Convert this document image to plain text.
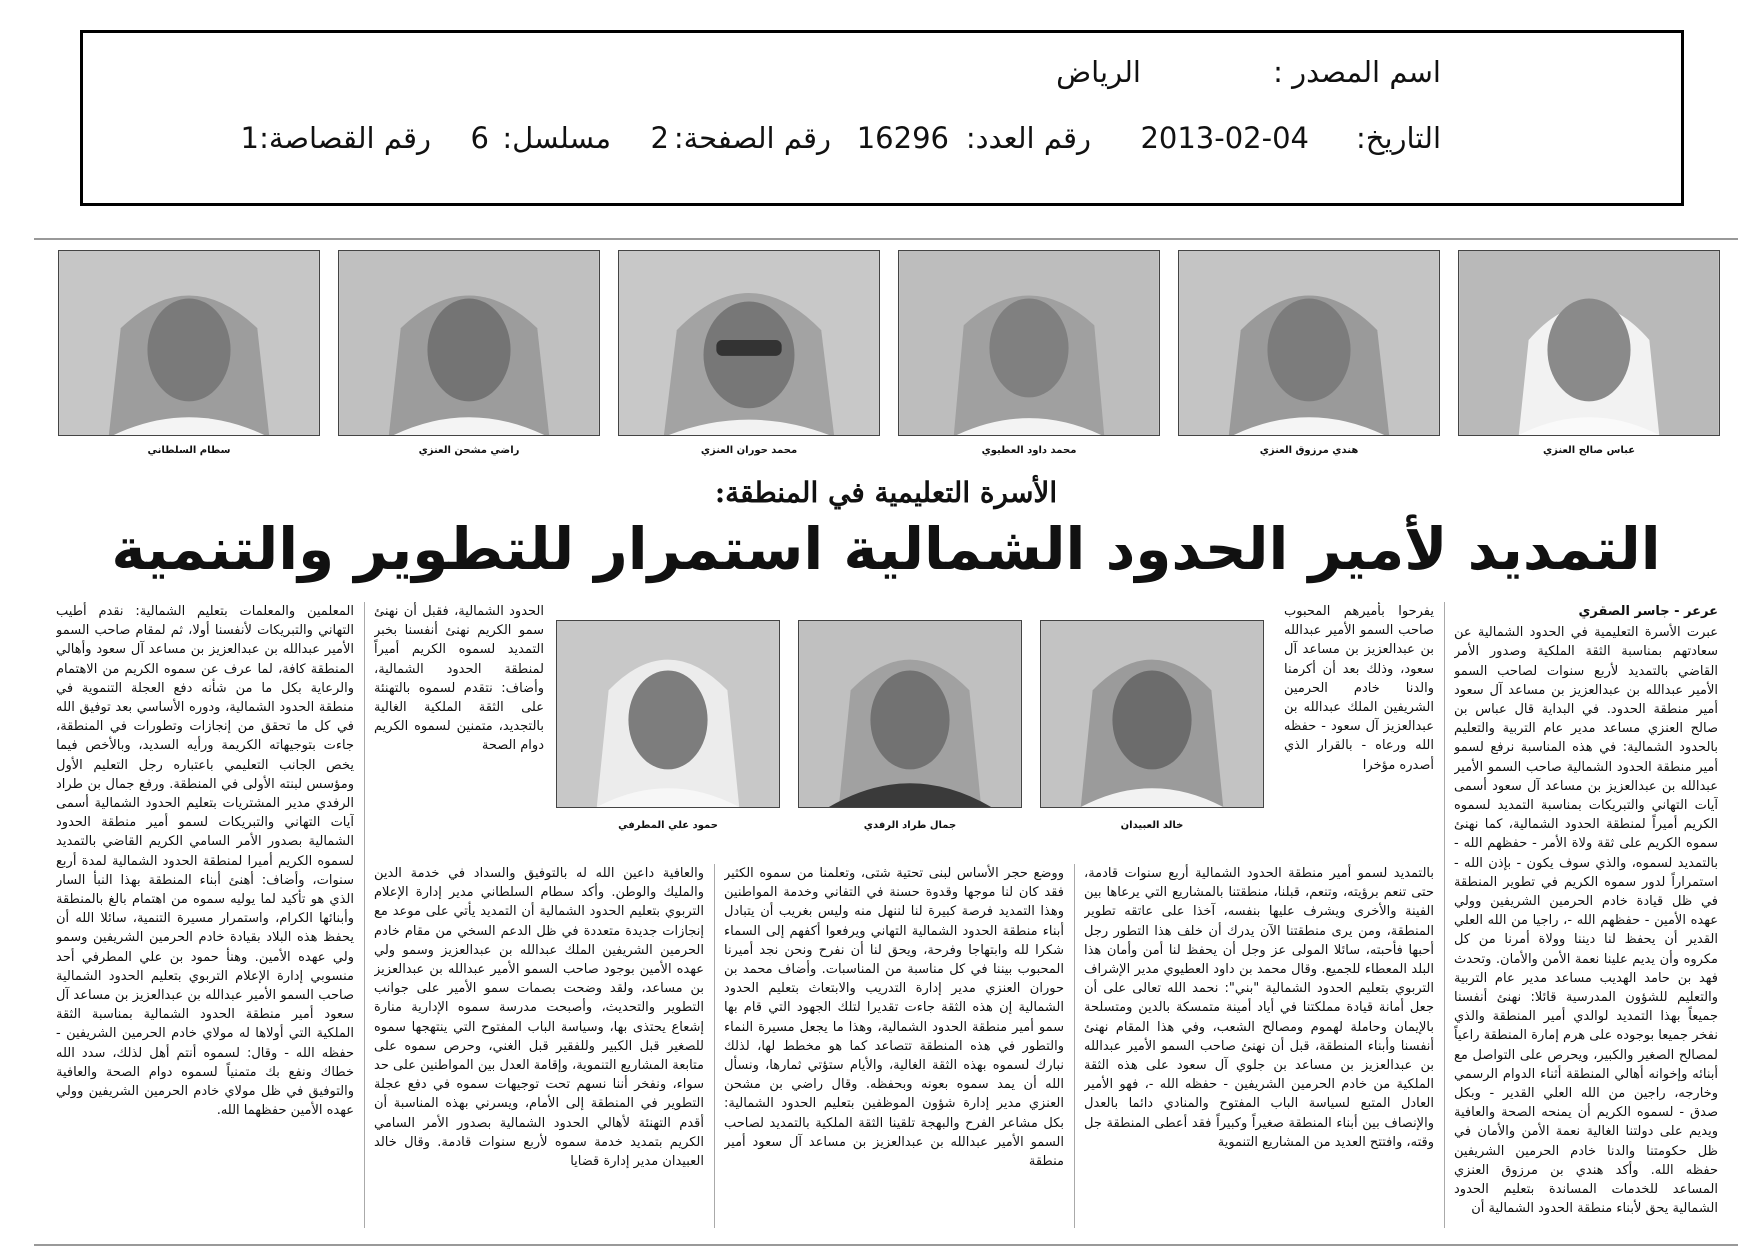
اسم المصدر :
الرياض
التاريخ:
2013-02-04
رقم العدد:
16296
رقم الصفحة:
2
مسلسل:
6
رقم القصاصة:
1
عباس صالح العنزي
هندي مرزوق العنزي
محمد داود العطيوي
محمد حوران العنزي
راضي مشحن العنزي
سطام السلطاني
الأسرة التعليمية في المنطقة:
التمديد لأمير الحدود الشمالية استمرار للتطوير والتنمية

عرعر - جاسر الصقري

عبرت الأسرة التعليمية في الحدود الشمالية عن سعادتهم بمناسبة الثقة الملكية وصدور الأمر القاضي بالتمديد لأربع سنوات لصاحب السمو الأمير عبدالله بن عبدالعزيز بن مساعد آل سعود أمير منطقة الحدود. في البداية قال عباس بن صالح العنزي مساعد مدير عام التربية والتعليم بالحدود الشمالية: في هذه المناسبة نرفع لسمو أمير منطقة الحدود الشمالية صاحب السمو الأمير عبدالله بن عبدالعزيز بن مساعد آل سعود أسمى آيات التهاني والتبريكات بمناسبة التمديد لسموه الكريم أميراً لمنطقة الحدود الشمالية، كما نهنئ سموه الكريم على ثقة ولاة الأمر - حفظهم الله - بالتمديد لسموه، والذي سوف يكون - بإذن الله - استمراراً لدور سموه الكريم في تطوير المنطقة في ظل قيادة خادم الحرمين الشريفين وولي عهده الأمين - حفظهم الله -، راجيا من الله العلي القدير أن يحفظ لنا ديننا وولاة أمرنا من كل مكروه وأن يديم علينا نعمة الأمن والأمان. وتحدث فهد بن حامد الهديب مساعد مدير عام التربية والتعليم للشؤون المدرسية قائلا: نهنئ أنفسنا جميعاً بهذا التمديد لوالدي أمير المنطقة والذي نفخر جميعا بوجوده على هرم إمارة المنطقة راعياً لمصالح الصغير والكبير، ويحرص على التواصل مع أبنائه وإخوانه أهالي المنطقة أثناء الدوام الرسمي وخارجه، راجين من الله العلي القدير - وبكل صدق - لسموه الكريم أن يمنحه الصحة والعافية ويديم على دولتنا الغالية نعمة الأمن والأمان في ظل حكومتنا والدنا خادم الحرمين الشريفين حفظه الله. وأكد هندي بن مرزوق العنزي المساعد للخدمات المساندة بتعليم الحدود الشمالية يحق لأبناء منطقة الحدود الشمالية أن

يفرحوا بأميرهم المحبوب صاحب السمو الأمير عبدالله بن عبدالعزيز بن مساعد آل سعود، وذلك بعد أن أكرمنا والدنا خادم الحرمين الشريفين الملك عبدالله بن عبدالعزيز آل سعود - حفظه الله ورعاه - بالقرار الذي أصدره مؤخرا

خالد العبيدان
جمال طراد الرفدي
حمود علي المطرفي

بالتمديد لسمو أمير منطقة الحدود الشمالية أربع سنوات قادمة، حتى تنعم برؤيته، وتنعم، قبلنا، منطقتنا بالمشاريع التي يرعاها بين الفينة والأخرى ويشرف عليها بنفسه، آخذا على عاتقه تطوير المنطقة، ومن يرى منطقتنا الآن يدرك أن خلف هذا التطور رجل أحبها فأحبته، سائلا المولى عز وجل أن يحفظ لنا أمن وأمان هذا البلد المعطاء للجميع. وقال محمد بن داود العطيوي مدير الإشراف التربوي بتعليم الحدود الشمالية "بني": نحمد الله تعالى على أن جعل أمانة قيادة مملكتنا في أياد أمينة متمسكة بالدين ومتسلحة بالإيمان وحاملة لهموم ومصالح الشعب، وفي هذا المقام نهنئ أنفسنا وأبناء المنطقة، قبل أن نهنئ صاحب السمو الأمير عبدالله بن عبدالعزيز بن مساعد بن جلوي آل سعود على هذه الثقة الملكية من خادم الحرمين الشريفين - حفظه الله -، فهو الأمير العادل المتبع لسياسة الباب المفتوح والمنادي دائما بالعدل والإنصاف بين أبناء المنطقة صغيراً وكبيراً فقد أعطى المنطقة جل وقته، وافتتح العديد من المشاريع التنموية

ووضع حجر الأساس لبنى تحتية شتى، وتعلمنا من سموه الكثير فقد كان لنا موجها وقدوة حسنة في التفاني وخدمة المواطنين وهذا التمديد فرصة كبيرة لنا لننهل منه وليس بغريب أن يتبادل أبناء منطقة الحدود الشمالية التهاني ويرفعوا أكفهم إلى السماء شكرا لله وابتهاجا وفرحة، ويحق لنا أن نفرح ونحن نجد أميرنا المحبوب بيننا في كل مناسبة من المناسبات. وأضاف محمد بن حوران العنزي مدير إدارة التدريب والابتعاث بتعليم الحدود الشمالية إن هذه الثقة جاءت تقديرا لتلك الجهود التي قام بها سمو أمير منطقة الحدود الشمالية، وهذا ما يجعل مسيرة النماء والتطور في هذه المنطقة تتصاعد كما هو مخطط لها، لذلك نبارك لسموه بهذه الثقة الغالية، والأيام ستؤتي ثمارها، ونسأل الله أن يمد سموه بعونه وبحفظه. وقال راضي بن مشحن العنزي مدير إدارة شؤون الموظفين بتعليم الحدود الشمالية: بكل مشاعر الفرح والبهجة تلقينا الثقة الملكية بالتمديد لصاحب السمو الأمير عبدالله بن عبدالعزيز بن مساعد آل سعود أمير منطقة

والعافية داعين الله له بالتوفيق والسداد في خدمة الدين والمليك والوطن. وأكد سطام السلطاني مدير إدارة الإعلام التربوي بتعليم الحدود الشمالية أن التمديد يأتي على موعد مع إنجازات جديدة متعددة في ظل الدعم السخي من مقام خادم الحرمين الشريفين الملك عبدالله بن عبدالعزيز وسمو ولي عهده الأمين بوجود صاحب السمو الأمير عبدالله بن عبدالعزيز بن مساعد، ولقد وضحت بصمات سمو الأمير على جوانب التطوير والتحديث، وأصبحت مدرسة سموه الإدارية منارة إشعاع يحتذى بها، وسياسة الباب المفتوح التي ينتهجها سموه للصغير قبل الكبير وللفقير قبل الغني، وحرص سموه على متابعة المشاريع التنموية، وإقامة العدل بين المواطنين على حد سواء، ونفخر أننا نسهم تحت توجيهات سموه في دفع عجلة التطوير في المنطقة إلى الأمام، ويسرني بهذه المناسبة أن أقدم التهنئة لأهالي الحدود الشمالية بصدور الأمر السامي الكريم بتمديد خدمة سموه لأربع سنوات قادمة. وقال خالد العبيدان مدير إدارة قضايا

الحدود الشمالية، فقبل أن نهنئ سمو الكريم نهنئ أنفسنا بخبر التمديد لسموه الكريم أميراً لمنطقة الحدود الشمالية، وأضاف: نتقدم لسموه بالتهنئة على الثقة الملكية الغالية بالتجديد، متمنين لسموه الكريم دوام الصحة

المعلمين والمعلمات بتعليم الشمالية: نقدم أطيب التهاني والتبريكات لأنفسنا أولا، ثم لمقام صاحب السمو الأمير عبدالله بن عبدالعزيز بن مساعد آل سعود وأهالي المنطقة كافة، لما عرف عن سموه الكريم من الاهتمام والرعاية بكل ما من شأنه دفع العجلة التنموية في منطقة الحدود الشمالية، ودوره الأساسي بعد توفيق الله في كل ما تحقق من إنجازات وتطورات في المنطقة، جاءت بتوجيهاته الكريمة ورأيه السديد، وبالأخص فيما يخص الجانب التعليمي باعتباره رجل التعليم الأول ومؤسس لبنته الأولى في المنطقة. ورفع جمال بن طراد الرفدي مدير المشتريات بتعليم الحدود الشمالية أسمى آيات التهاني والتبريكات لسمو أمير منطقة الحدود الشمالية بصدور الأمر السامي الكريم القاضي بالتمديد لسموه الكريم أميرا لمنطقة الحدود الشمالية لمدة أربع سنوات، وأضاف: أهنئ أبناء المنطقة بهذا النبأ السار الذي هو تأكيد لما يوليه سموه من اهتمام بالغ بالمنطقة وأبنائها الكرام، واستمرار مسيرة التنمية، سائلا الله أن يحفظ هذه البلاد بقيادة خادم الحرمين الشريفين وسمو ولي عهده الأمين. وهنأ حمود بن علي المطرفي أحد منسوبي إدارة الإعلام التربوي بتعليم الحدود الشمالية صاحب السمو الأمير عبدالله بن عبدالعزيز بن مساعد آل سعود أمير منطقة الحدود الشمالية بمناسبة الثقة الملكية التي أولاها له مولاي خادم الحرمين الشريفين - حفظه الله - وقال: لسموه أنتم أهل لذلك، سدد الله خطاك ونفع بك متمنياً لسموه دوام الصحة والعافية والتوفيق في ظل مولاي خادم الحرمين الشريفين وولي عهده الأمين حفظهما الله.
